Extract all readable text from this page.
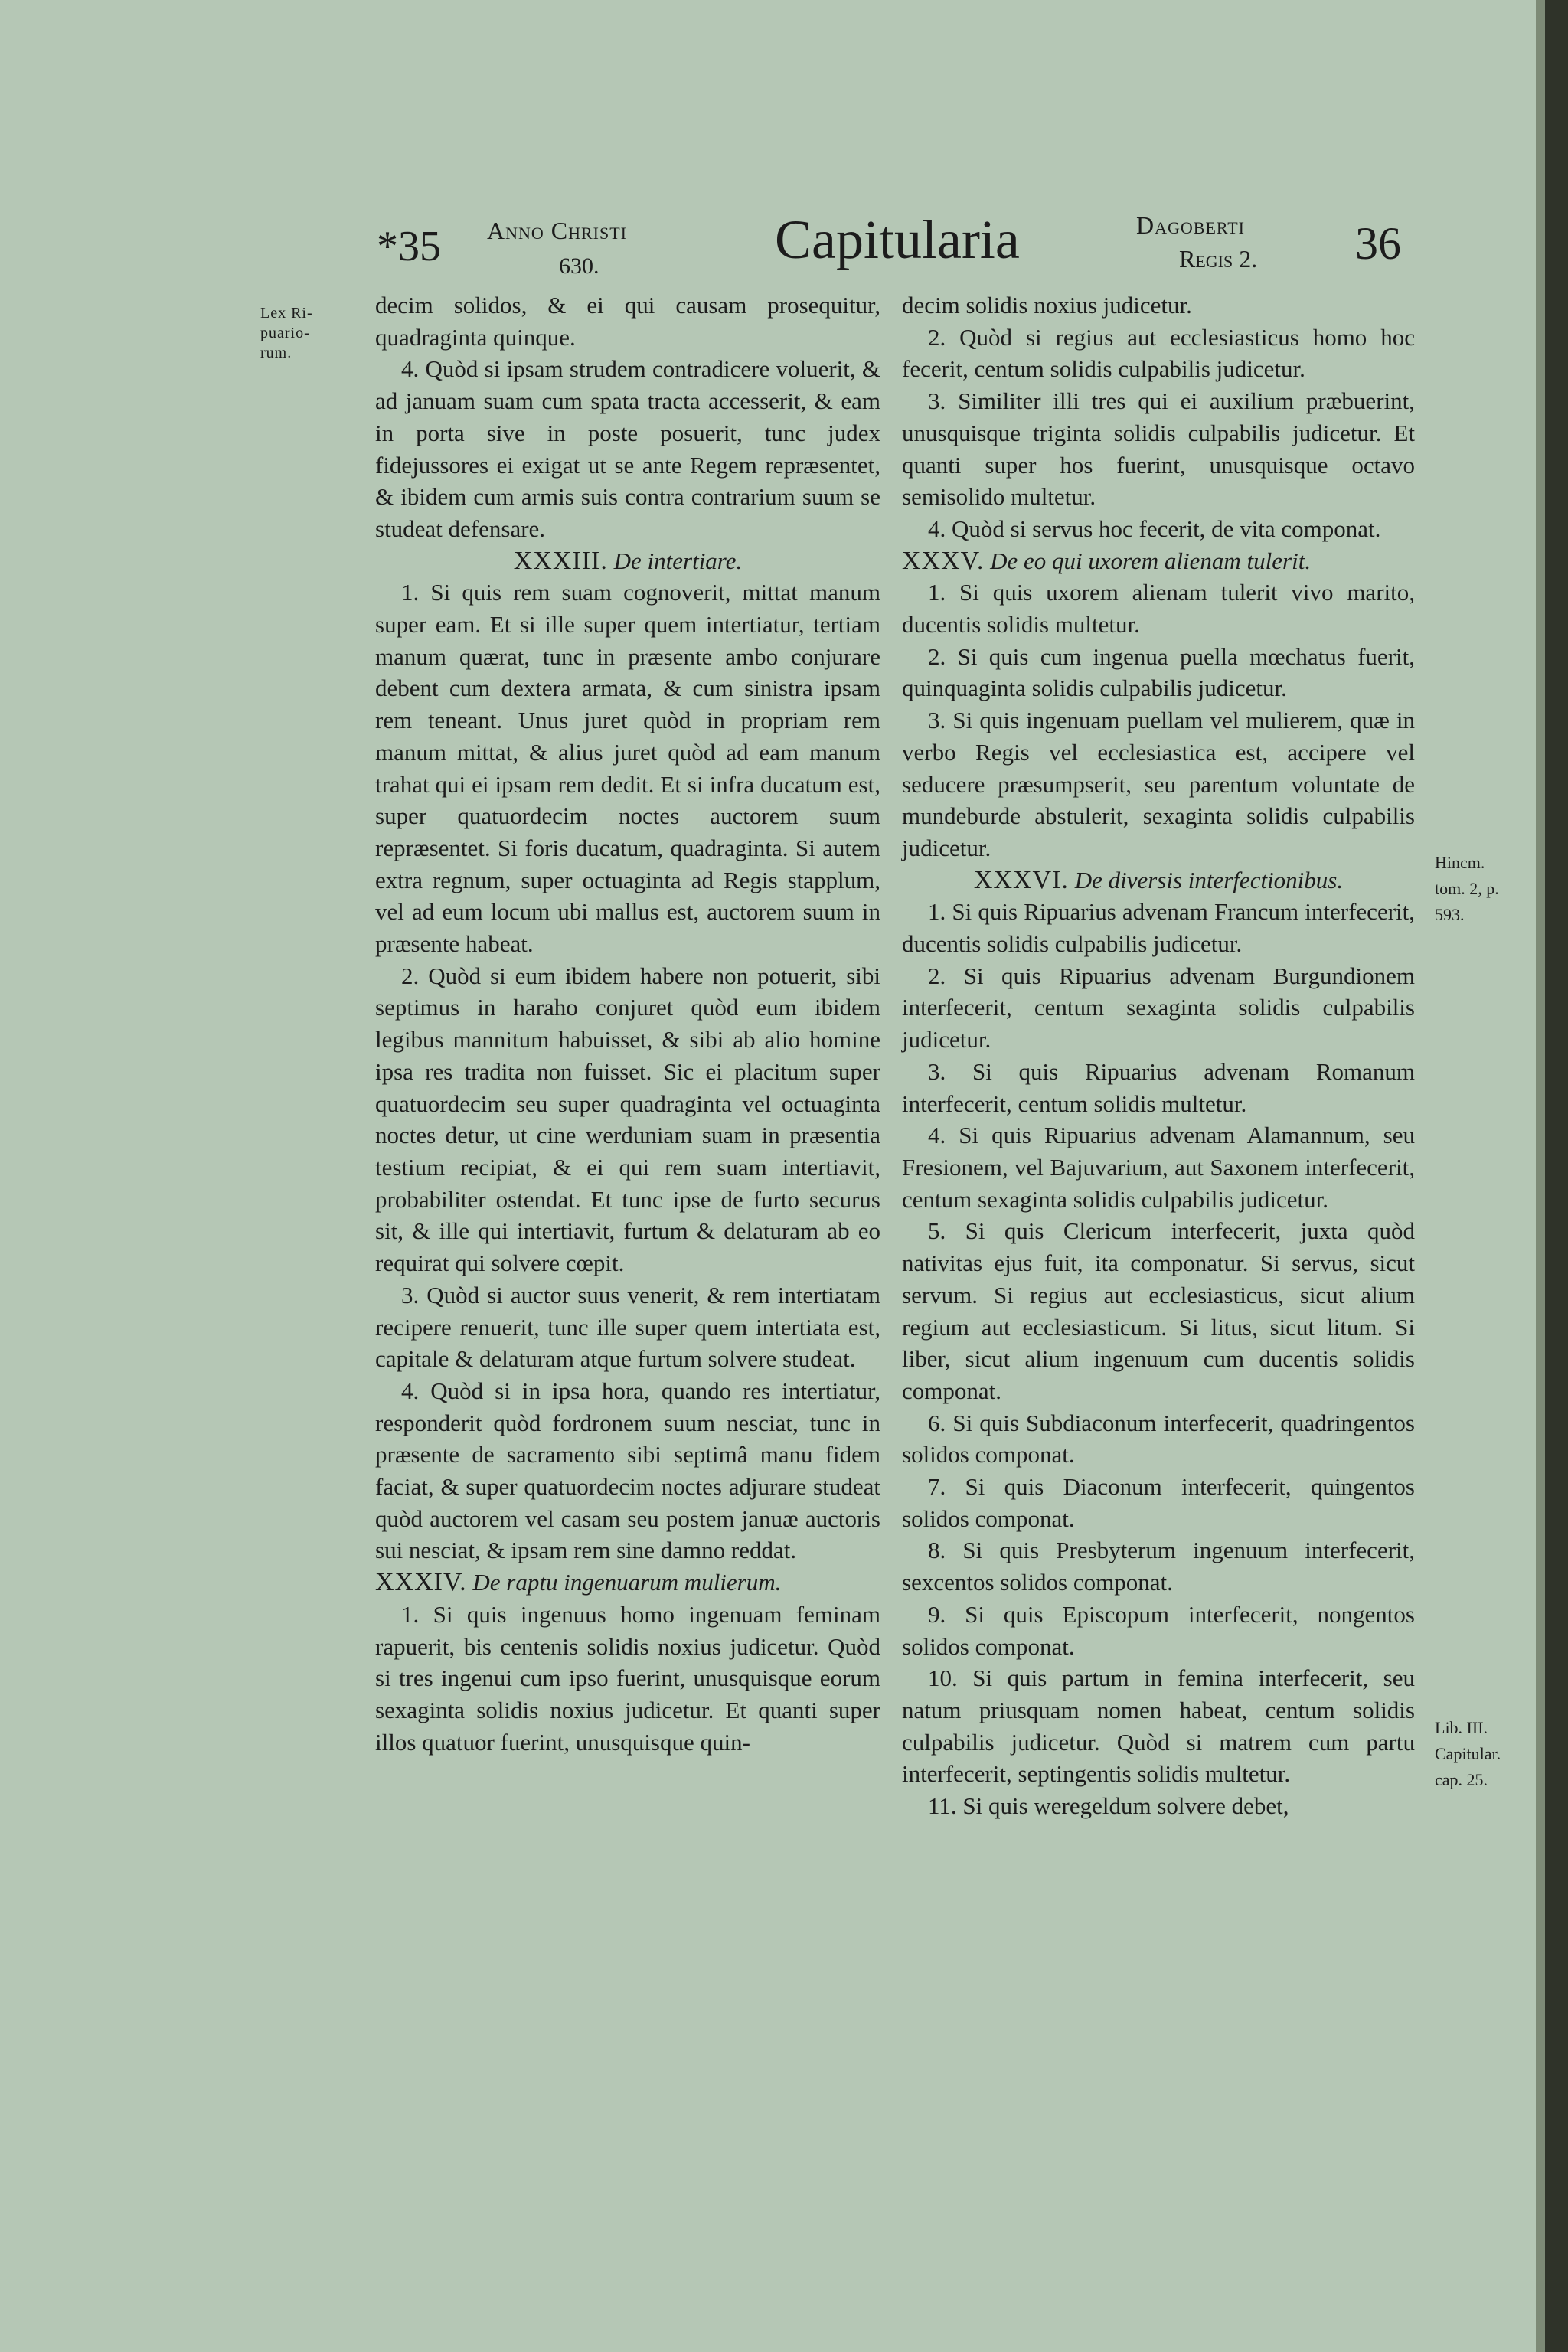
*35 Anno Christi
630.	Capitularia	Dagoberti
Regis 2. 36
Lex Ri-
puario-
rum.
Hincm.
tom. 2, p.
593.
Lib. III.
Capitular.
cap. 25.

decim solidos, & ei qui causam prosequitur, quadraginta quinque.

4. Quòd si ipsam strudem contradicere voluerit, & ad januam suam cum spata tracta accesserit, & eam in porta sive in poste posuerit, tunc judex fidejussores ei exigat ut se ante Regem repræsentet, & ibidem cum armis suis contra contrarium suum se studeat defensare.

XXXIII. De intertiare.

1. Si quis rem suam cognoverit, mittat manum super eam. Et si ille super quem intertiatur, tertiam manum quærat, tunc in præsente ambo conjurare debent cum dextera armata, & cum sinistra ipsam rem teneant. Unus juret quòd in propriam rem manum mittat, & alius juret quòd ad eam manum trahat qui ei ipsam rem dedit. Et si infra ducatum est, super quatuordecim noctes auctorem suum repræsentet. Si foris ducatum, quadraginta. Si autem extra regnum, super octuaginta ad Regis stapplum, vel ad eum locum ubi mallus est, auctorem suum in præsente habeat.

2. Quòd si eum ibidem habere non potuerit, sibi septimus in haraho conjuret quòd eum ibidem legibus mannitum habuisset, & sibi ab alio homine ipsa res tradita non fuisset. Sic ei placitum super quatuordecim seu super quadraginta vel octuaginta noctes detur, ut cine werduniam suam in præsentia testium recipiat, & ei qui rem suam intertiavit, probabiliter ostendat. Et tunc ipse de furto securus sit, & ille qui intertiavit, furtum & delaturam ab eo requirat qui solvere cœpit.

3. Quòd si auctor suus venerit, & rem intertiatam recipere renuerit, tunc ille super quem intertiata est, capitale & delaturam atque furtum solvere studeat.

4. Quòd si in ipsa hora, quando res intertiatur, responderit quòd fordronem suum nesciat, tunc in præsente de sacramento sibi septimâ manu fidem faciat, & super quatuordecim noctes adjurare studeat quòd auctorem vel casam seu postem januæ auctoris sui nesciat, & ipsam rem sine damno reddat.

XXXIV. De raptu ingenuarum mulierum.

1. Si quis ingenuus homo ingenuam feminam rapuerit, bis centenis solidis noxius judicetur. Quòd si tres ingenui cum ipso fuerint, unusquisque eorum sexaginta solidis noxius judicetur. Et quanti super illos quatuor fuerint, unusquisque quin-

decim solidis noxius judicetur.

2. Quòd si regius aut ecclesiasticus homo hoc fecerit, centum solidis culpabilis judicetur.

3. Similiter illi tres qui ei auxilium præbuerint, unusquisque triginta solidis culpabilis judicetur. Et quanti super hos fuerint, unusquisque octavo semisolido multetur.

4. Quòd si servus hoc fecerit, de vita componat.

XXXV. De eo qui uxorem alienam tulerit.

1. Si quis uxorem alienam tulerit vivo marito, ducentis solidis multetur.

2. Si quis cum ingenua puella mœchatus fuerit, quinquaginta solidis culpabilis judicetur.

3. Si quis ingenuam puellam vel mulierem, quæ in verbo Regis vel ecclesiastica est, accipere vel seducere præsumpserit, seu parentum voluntate de mundeburde abstulerit, sexaginta solidis culpabilis judicetur.

XXXVI. De diversis interfectionibus.

1. Si quis Ripuarius advenam Francum interfecerit, ducentis solidis culpabilis judicetur.

2. Si quis Ripuarius advenam Burgundionem interfecerit, centum sexaginta solidis culpabilis judicetur.

3. Si quis Ripuarius advenam Romanum interfecerit, centum solidis multetur.

4. Si quis Ripuarius advenam Alamannum, seu Fresionem, vel Bajuvarium, aut Saxonem interfecerit, centum sexaginta solidis culpabilis judicetur.

5. Si quis Clericum interfecerit, juxta quòd nativitas ejus fuit, ita componatur. Si servus, sicut servum. Si regius aut ecclesiasticus, sicut alium regium aut ecclesiasticum. Si litus, sicut litum. Si liber, sicut alium ingenuum cum ducentis solidis componat.

6. Si quis Subdiaconum interfecerit, quadringentos solidos componat.

7. Si quis Diaconum interfecerit, quingentos solidos componat.

8. Si quis Presbyterum ingenuum interfecerit, sexcentos solidos componat.

9. Si quis Episcopum interfecerit, nongentos solidos componat.

10. Si quis partum in femina interfecerit, seu natum priusquam nomen habeat, centum solidis culpabilis judicetur. Quòd si matrem cum partu interfecerit, septingentis solidis multetur.

11. Si quis weregeldum solvere debet,
